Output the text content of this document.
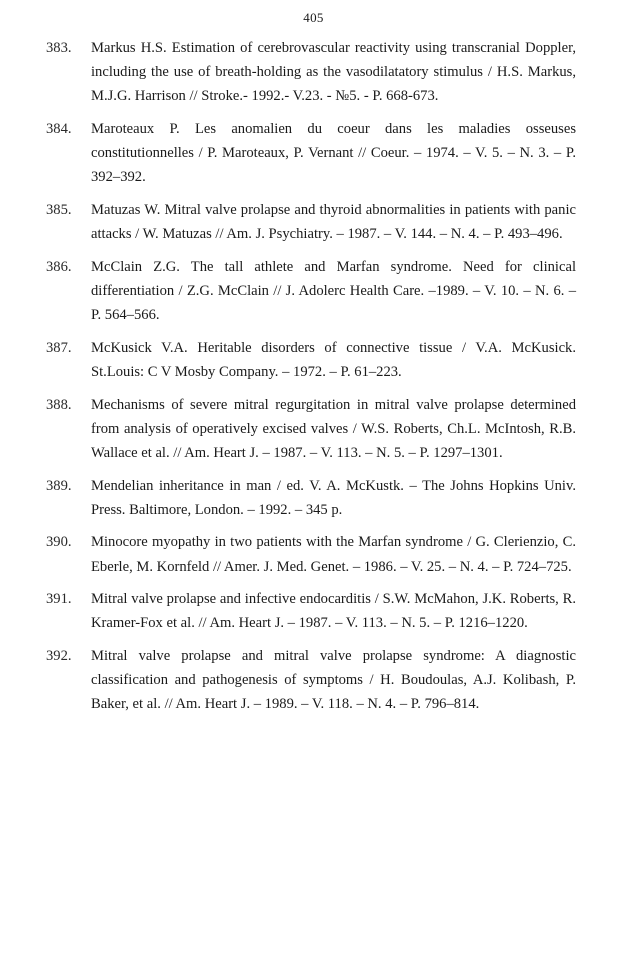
405
383.	Markus H.S. Estimation of cerebrovascular reactivity using transcranial Doppler, including the use of breath-holding as the vasodilatatory stimulus / H.S. Markus, M.J.G. Harrison // Stroke.- 1992.- V.23. - №5. - P. 668-673.
384.	Maroteaux P. Les anomalien du coeur dans les maladies osseuses constitutionnelles / P. Maroteaux, P. Vernant // Coeur. – 1974. – V. 5. – N. 3. – P. 392–392.
385.	Matuzas W. Mitral valve prolapse and thyroid abnormalities in patients with panic attacks / W. Matuzas // Am. J. Psychiatry. – 1987. – V. 144. – N. 4. – P. 493–496.
386.	McClain Z.G. The tall athlete and Marfan syndrome. Need for clinical differentiation / Z.G. McClain // J. Adolerc Health Care. –1989. – V. 10. – N. 6. – P. 564–566.
387.	McKusick V.A. Heritable disorders of connective tissue / V.A. McKusick. St.Louis: C V Mosby Company. – 1972. – P. 61–223.
388.	Mechanisms of severe mitral regurgitation in mitral valve prolapse determined from analysis of operatively excised valves / W.S. Roberts, Ch.L. McIntosh, R.B. Wallace et al. // Am. Heart J. – 1987. – V. 113. – N. 5. – P. 1297–1301.
389.	Mendelian inheritance in man / ed. V. A. McKustk. – The Johns Hopkins Univ. Press. Baltimore, London. – 1992. – 345 p.
390.	Minocore myopathy in two patients with the Marfan syndrome / G. Clerienzio, C. Eberle, M. Kornfeld // Amer. J. Med. Genet. – 1986. – V. 25. – N. 4. – P. 724–725.
391.	Mitral valve prolapse and infective endocarditis / S.W. McMahon, J.K. Roberts, R. Kramer-Fox et al. // Am. Heart J. – 1987. – V. 113. – N. 5. – P. 1216–1220.
392.	Mitral valve prolapse and mitral valve prolapse syndrome: A diagnostic classification and pathogenesis of symptoms / H. Boudoulas, A.J. Kolibash, P. Baker, et al. // Am. Heart J. – 1989. – V. 118. – N. 4. – P. 796–814.
